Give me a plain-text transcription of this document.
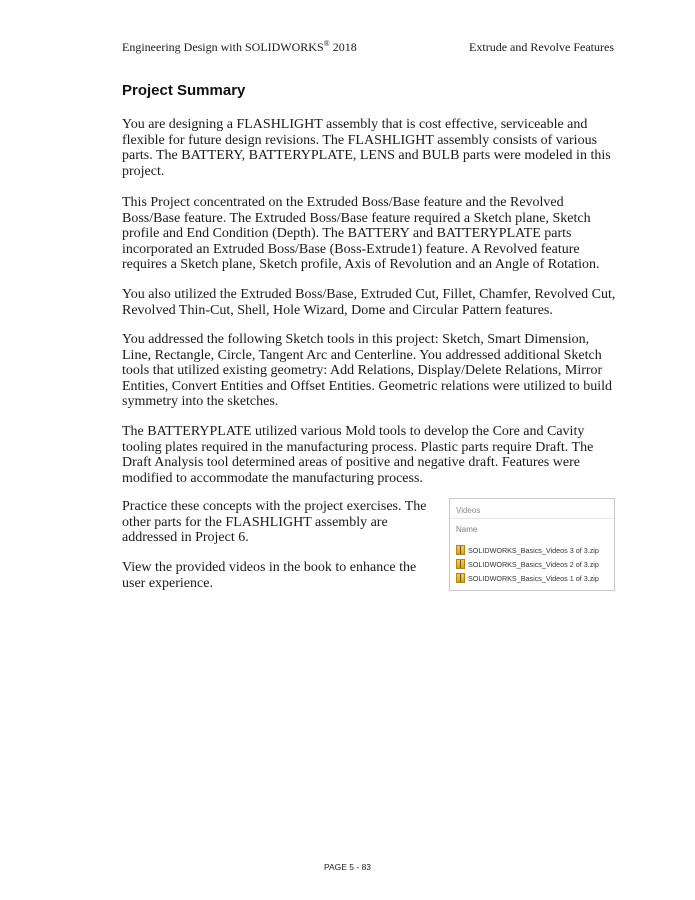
Engineering Design with SOLIDWORKS® 2018	Extrude and Revolve Features
Project Summary

You are designing a FLASHLIGHT assembly that is cost effective, serviceable and flexible for future design revisions. The FLASHLIGHT assembly consists of various parts. The BATTERY, BATTERYPLATE, LENS and BULB parts were modeled in this project.

This Project concentrated on the Extruded Boss/Base feature and the Revolved Boss/Base feature. The Extruded Boss/Base feature required a Sketch plane, Sketch profile and End Condition (Depth). The BATTERY and BATTERYPLATE parts incorporated an Extruded Boss/Base (Boss-Extrude1) feature. A Revolved feature requires a Sketch plane, Sketch profile, Axis of Revolution and an Angle of Rotation.

You also utilized the Extruded Boss/Base, Extruded Cut, Fillet, Chamfer, Revolved Cut, Revolved Thin-Cut, Shell, Hole Wizard, Dome and Circular Pattern features.

You addressed the following Sketch tools in this project: Sketch, Smart Dimension, Line, Rectangle, Circle, Tangent Arc and Centerline. You addressed additional Sketch tools that utilized existing geometry: Add Relations, Display/Delete Relations, Mirror Entities, Convert Entities and Offset Entities. Geometric relations were utilized to build symmetry into the sketches.

The BATTERYPLATE utilized various Mold tools to develop the Core and Cavity tooling plates required in the manufacturing process. Plastic parts require Draft. The Draft Analysis tool determined areas of positive and negative draft. Features were modified to accommodate the manufacturing process.

Practice these concepts with the project exercises. The other parts for the FLASHLIGHT assembly are addressed in Project 6.

View the provided videos in the book to enhance the user experience.

Videos
Name
SOLIDWORKS_Basics_Videos 3 of 3.zip
SOLIDWORKS_Basics_Videos 2 of 3.zip
SOLIDWORKS_Basics_Videos 1 of 3.zip
PAGE 5 - 83
